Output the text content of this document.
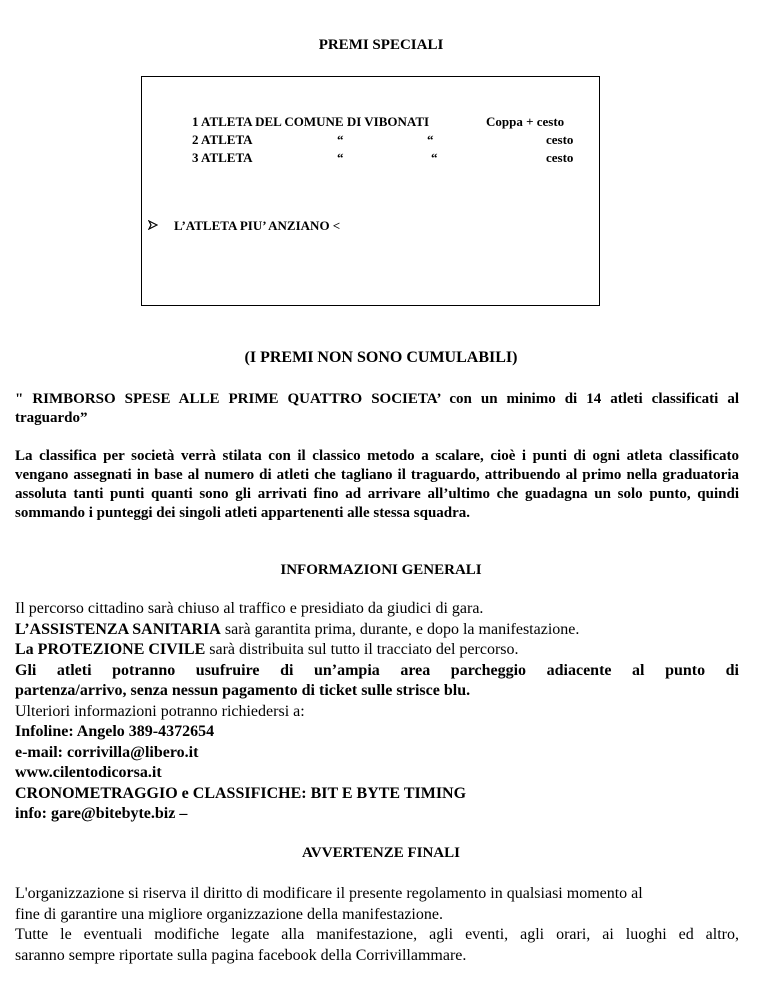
PREMI SPECIALI
1 ATLETA DEL COMUNE DI VIBONATI	Coppa + cesto
2 ATLETA	“	“	cesto
3 ATLETA	“	“	cesto
L’ATLETA PIU’ ANZIANO <
(I PREMI NON SONO CUMULABILI)
" RIMBORSO SPESE ALLE PRIME QUATTRO SOCIETA’ con un minimo di 14 atleti classificati al traguardo”
La classifica per società verrà stilata con il classico metodo a scalare, cioè i punti di ogni atleta classificato vengano assegnati in base al numero di atleti che tagliano il traguardo, attribuendo al primo nella graduatoria assoluta tanti punti quanti sono gli arrivati fino ad arrivare all’ultimo che guadagna un solo punto, quindi sommando i punteggi dei singoli atleti appartenenti alle stessa squadra.
INFORMAZIONI GENERALI
Il percorso cittadino sarà chiuso al traffico e presidiato da giudici di gara.
L’ASSISTENZA SANITARIA sarà garantita prima, durante, e dopo la manifestazione.
La PROTEZIONE CIVILE sarà distribuita sul tutto il tracciato del percorso.
Gli atleti potranno usufruire di un’ampia area parcheggio adiacente al punto di
partenza/arrivo, senza nessun pagamento di ticket sulle strisce blu.
Ulteriori informazioni potranno richiedersi a:
Infoline: Angelo 389-4372654
e-mail: corrivilla@libero.it
www.cilentodicorsa.it
CRONOMETRAGGIO e CLASSIFICHE: BIT E BYTE TIMING
info: gare@bitebyte.biz –
AVVERTENZE FINALI
L'organizzazione si riserva il diritto di modificare il presente regolamento in qualsiasi momento al
fine di garantire una migliore organizzazione della manifestazione.
Tutte le eventuali modifiche legate alla manifestazione, agli eventi, agli orari, ai luoghi ed altro,
saranno sempre riportate sulla pagina facebook della Corrivillammare.
